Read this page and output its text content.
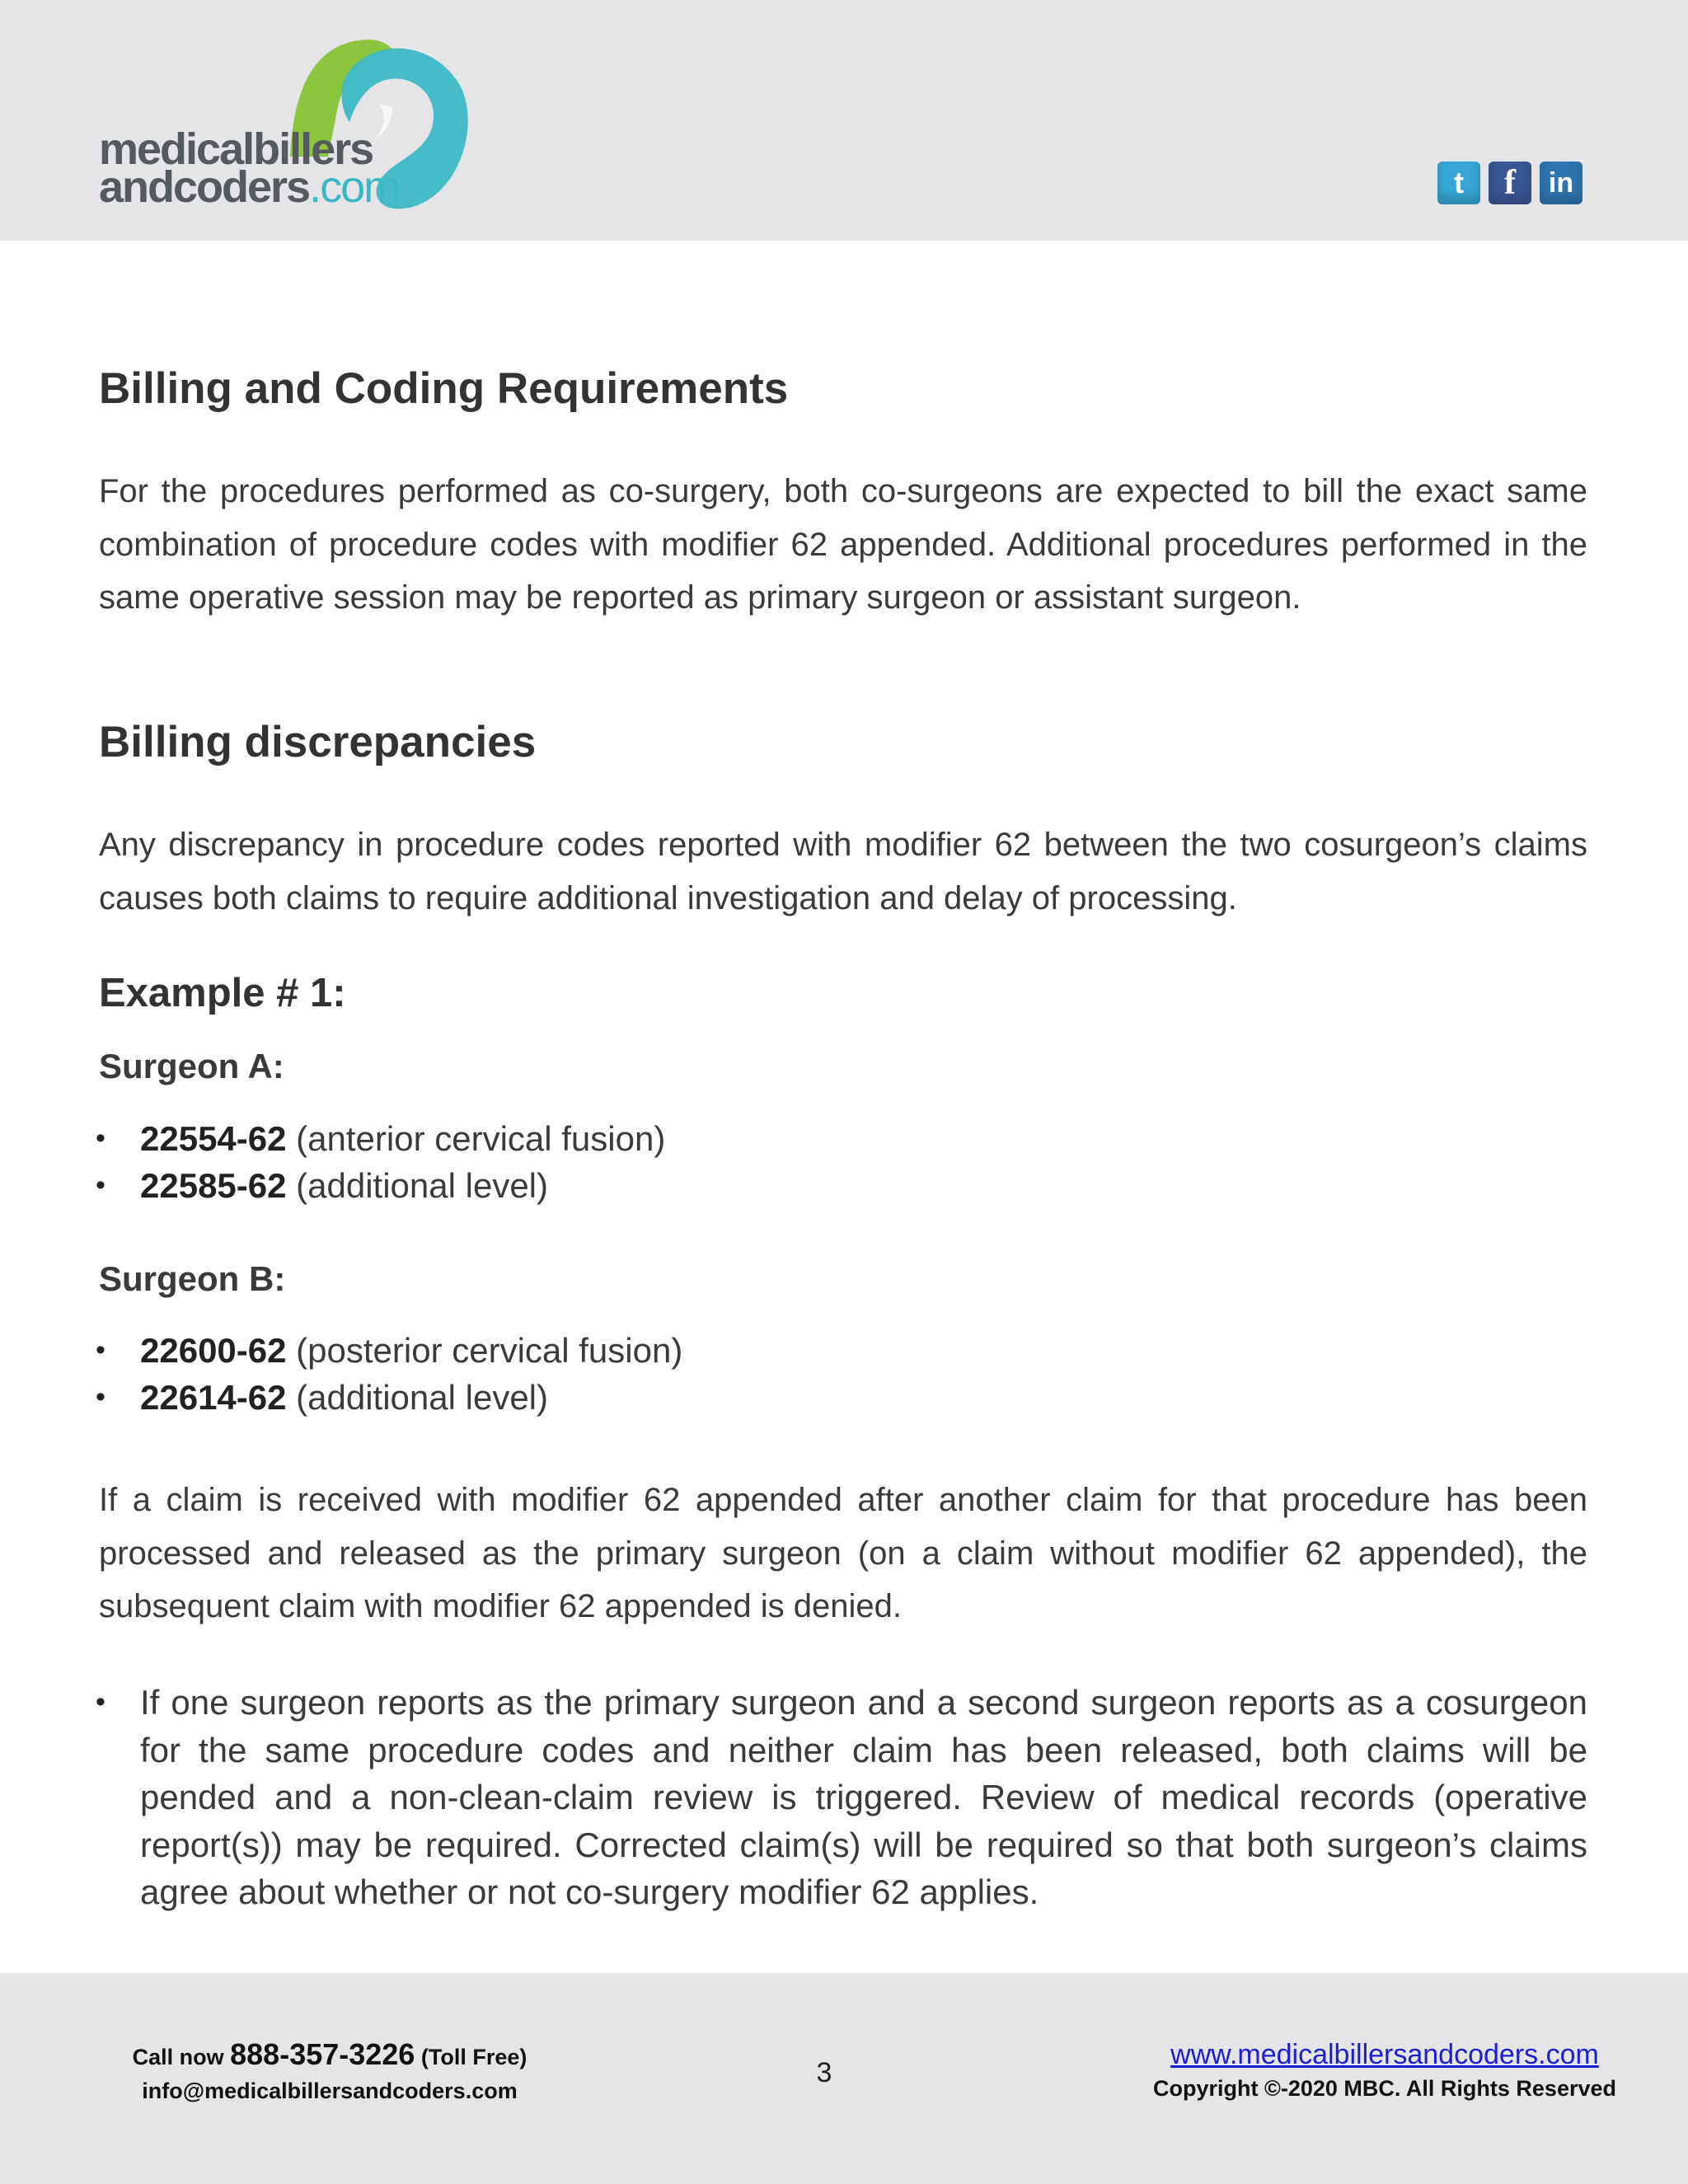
medicalbillers
andcoders.com	t	f	in
Billing and Coding Requirements

For the procedures performed as co-surgery, both co-surgeons are expected to bill the exact same combination of procedure codes with modifier 62 appended. Additional procedures performed in the same operative session may be reported as primary surgeon or assistant surgeon.

Billing discrepancies

Any discrepancy in procedure codes reported with modifier 62 between the two cosurgeon’s claims causes both claims to require additional investigation and delay of processing.

Example # 1:
Surgeon A:
• 22554-62 (anterior cervical fusion)
• 22585-62 (additional level)
Surgeon B:
• 22600-62 (posterior cervical fusion)
• 22614-62 (additional level)

If a claim is received with modifier 62 appended after another claim for that procedure has been processed and released as the primary surgeon (on a claim without modifier 62 appended), the subsequent claim with modifier 62 appended is denied.

• If one surgeon reports as the primary surgeon and a second surgeon reports as a cosurgeon for the same procedure codes and neither claim has been released, both claims will be pended and a non-clean-claim review is triggered. Review of medical records (operative report(s)) may be required. Corrected claim(s) will be required so that both surgeon’s claims agree about whether or not co-surgery modifier 62 applies.
Call now 888-357-3226 (Toll Free)
info@medicalbillersandcoders.com
3
www.medicalbillersandcoders.com
Copyright ©-2020 MBC. All Rights Reserved
